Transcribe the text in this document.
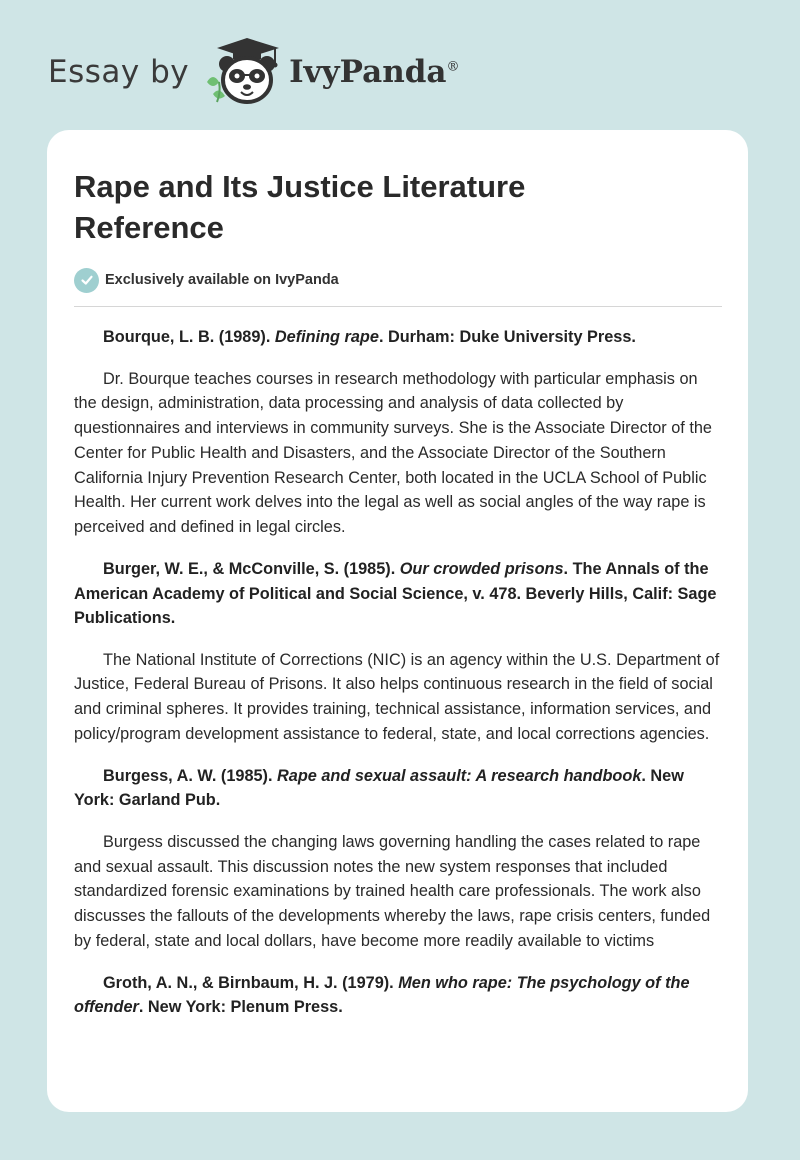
Essay by	IvyPanda®
Rape and Its Justice Literature Reference
Exclusively available on IvyPanda

Bourque, L. B. (1989). Defining rape. Durham: Duke University Press.

Dr. Bourque teaches courses in research methodology with particular emphasis on the design, administration, data processing and analysis of data collected by questionnaires and interviews in community surveys. She is the Associate Director of the Center for Public Health and Disasters, and the Associate Director of the Southern California Injury Prevention Research Center, both located in the UCLA School of Public Health. Her current work delves into the legal as well as social angles of the way rape is perceived and defined in legal circles.

Burger, W. E., & McConville, S. (1985). Our crowded prisons. The Annals of the American Academy of Political and Social Science, v. 478. Beverly Hills, Calif: Sage Publications.

The National Institute of Corrections (NIC) is an agency within the U.S. Department of Justice, Federal Bureau of Prisons. It also helps continuous research in the field of social and criminal spheres. It provides training, technical assistance, information services, and policy/program development assistance to federal, state, and local corrections agencies.

Burgess, A. W. (1985). Rape and sexual assault: A research handbook. New York: Garland Pub.

Burgess discussed the changing laws governing handling the cases related to rape and sexual assault. This discussion notes the new system responses that included standardized forensic examinations by trained health care professionals. The work also discusses the fallouts of the developments whereby the laws, rape crisis centers, funded by federal, state and local dollars, have become more readily available to victims

Groth, A. N., & Birnbaum, H. J. (1979). Men who rape: The psychology of the offender. New York: Plenum Press.
